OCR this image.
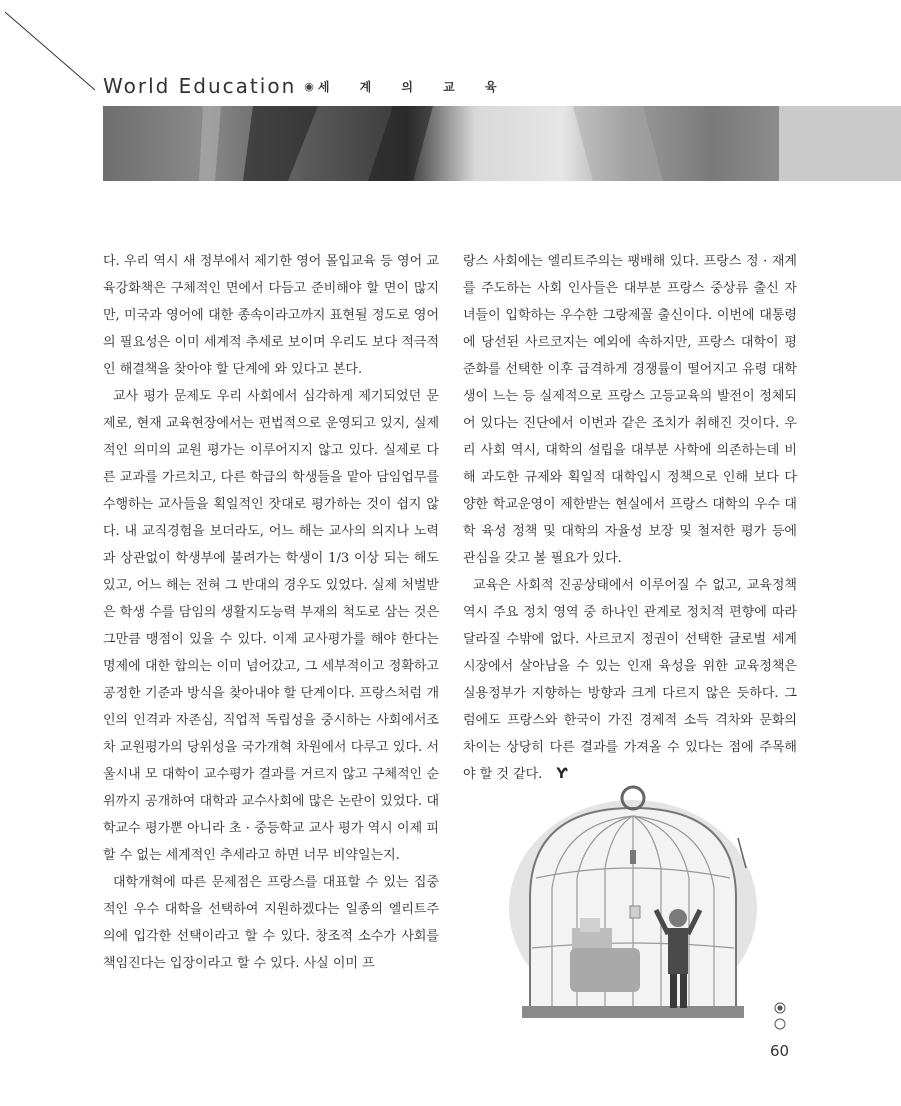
World Education ◉ 세 계 의 교 육

다. 우리 역시 새 정부에서 제기한 영어 몰입교육 등 영어 교육강화책은 구체적인 면에서 다듬고 준비해야 할 면이 많지만, 미국과 영어에 대한 종속이라고까지 표현될 정도로 영어의 필요성은 이미 세계적 추세로 보이며 우리도 보다 적극적인 해결책을 찾아야 할 단계에 와 있다고 본다.

교사 평가 문제도 우리 사회에서 심각하게 제기되었던 문제로, 현재 교육현장에서는 편법적으로 운영되고 있지, 실제적인 의미의 교원 평가는 이루어지지 않고 있다. 실제로 다른 교과를 가르치고, 다른 학급의 학생들을 맡아 담임업무를 수행하는 교사들을 획일적인 잣대로 평가하는 것이 쉽지 않다. 내 교직경험을 보더라도, 어느 해는 교사의 의지나 노력과 상관없이 학생부에 불려가는 학생이 1/3 이상 되는 해도 있고, 어느 해는 전혀 그 반대의 경우도 있었다. 실제 처벌받은 학생 수를 담임의 생활지도능력 부재의 척도로 삼는 것은 그만큼 맹점이 있을 수 있다. 이제 교사평가를 해야 한다는 명제에 대한 합의는 이미 넘어갔고, 그 세부적이고 정확하고 공정한 기준과 방식을 찾아내야 할 단계이다. 프랑스처럼 개인의 인격과 자존심, 직업적 독립성을 중시하는 사회에서조차 교원평가의 당위성을 국가개혁 차원에서 다루고 있다. 서울시내 모 대학이 교수평가 결과를 거르지 않고 구체적인 순위까지 공개하여 대학과 교수사회에 많은 논란이 있었다. 대학교수 평가뿐 아니라 초 · 중등학교 교사 평가 역시 이제 피할 수 없는 세계적인 추세라고 하면 너무 비약일는지.

대학개혁에 따른 문제점은 프랑스를 대표할 수 있는 집중적인 우수 대학을 선택하여 지원하겠다는 일종의 엘리트주의에 입각한 선택이라고 할 수 있다. 창조적 소수가 사회를 책임진다는 입장이라고 할 수 있다. 사실 이미 프

랑스 사회에는 엘리트주의는 팽배해 있다. 프랑스 정 · 재계를 주도하는 사회 인사들은 대부분 프랑스 중상류 출신 자녀들이 입학하는 우수한 그랑제꼴 출신이다. 이번에 대통령에 당선된 사르코지는 예외에 속하지만, 프랑스 대학이 평준화를 선택한 이후 급격하게 경쟁률이 떨어지고 유령 대학생이 느는 등 실제적으로 프랑스 고등교육의 발전이 정체되어 있다는 진단에서 이번과 같은 조치가 취해진 것이다. 우리 사회 역시, 대학의 설립을 대부분 사학에 의존하는데 비해 과도한 규제와 획일적 대학입시 정책으로 인해 보다 다양한 학교운영이 제한받는 현실에서 프랑스 대학의 우수 대학 육성 정책 및 대학의 자율성 보장 및 철저한 평가 등에 관심을 갖고 볼 필요가 있다.

교육은 사회적 진공상태에서 이루어질 수 없고, 교육정책 역시 주요 정치 영역 중 하나인 관계로 정치적 편향에 따라 달라질 수밖에 없다. 사르코지 정권이 선택한 글로벌 세계시장에서 살아남을 수 있는 인재 육성을 위한 교육정책은 실용정부가 지향하는 방향과 크게 다르지 않은 듯하다. 그럼에도 프랑스와 한국이 가진 경제적 소득 격차와 문화의 차이는 상당히 다른 결과를 가져올 수 있다는 점에 주목해야 할 것 같다. Ƴ

60
